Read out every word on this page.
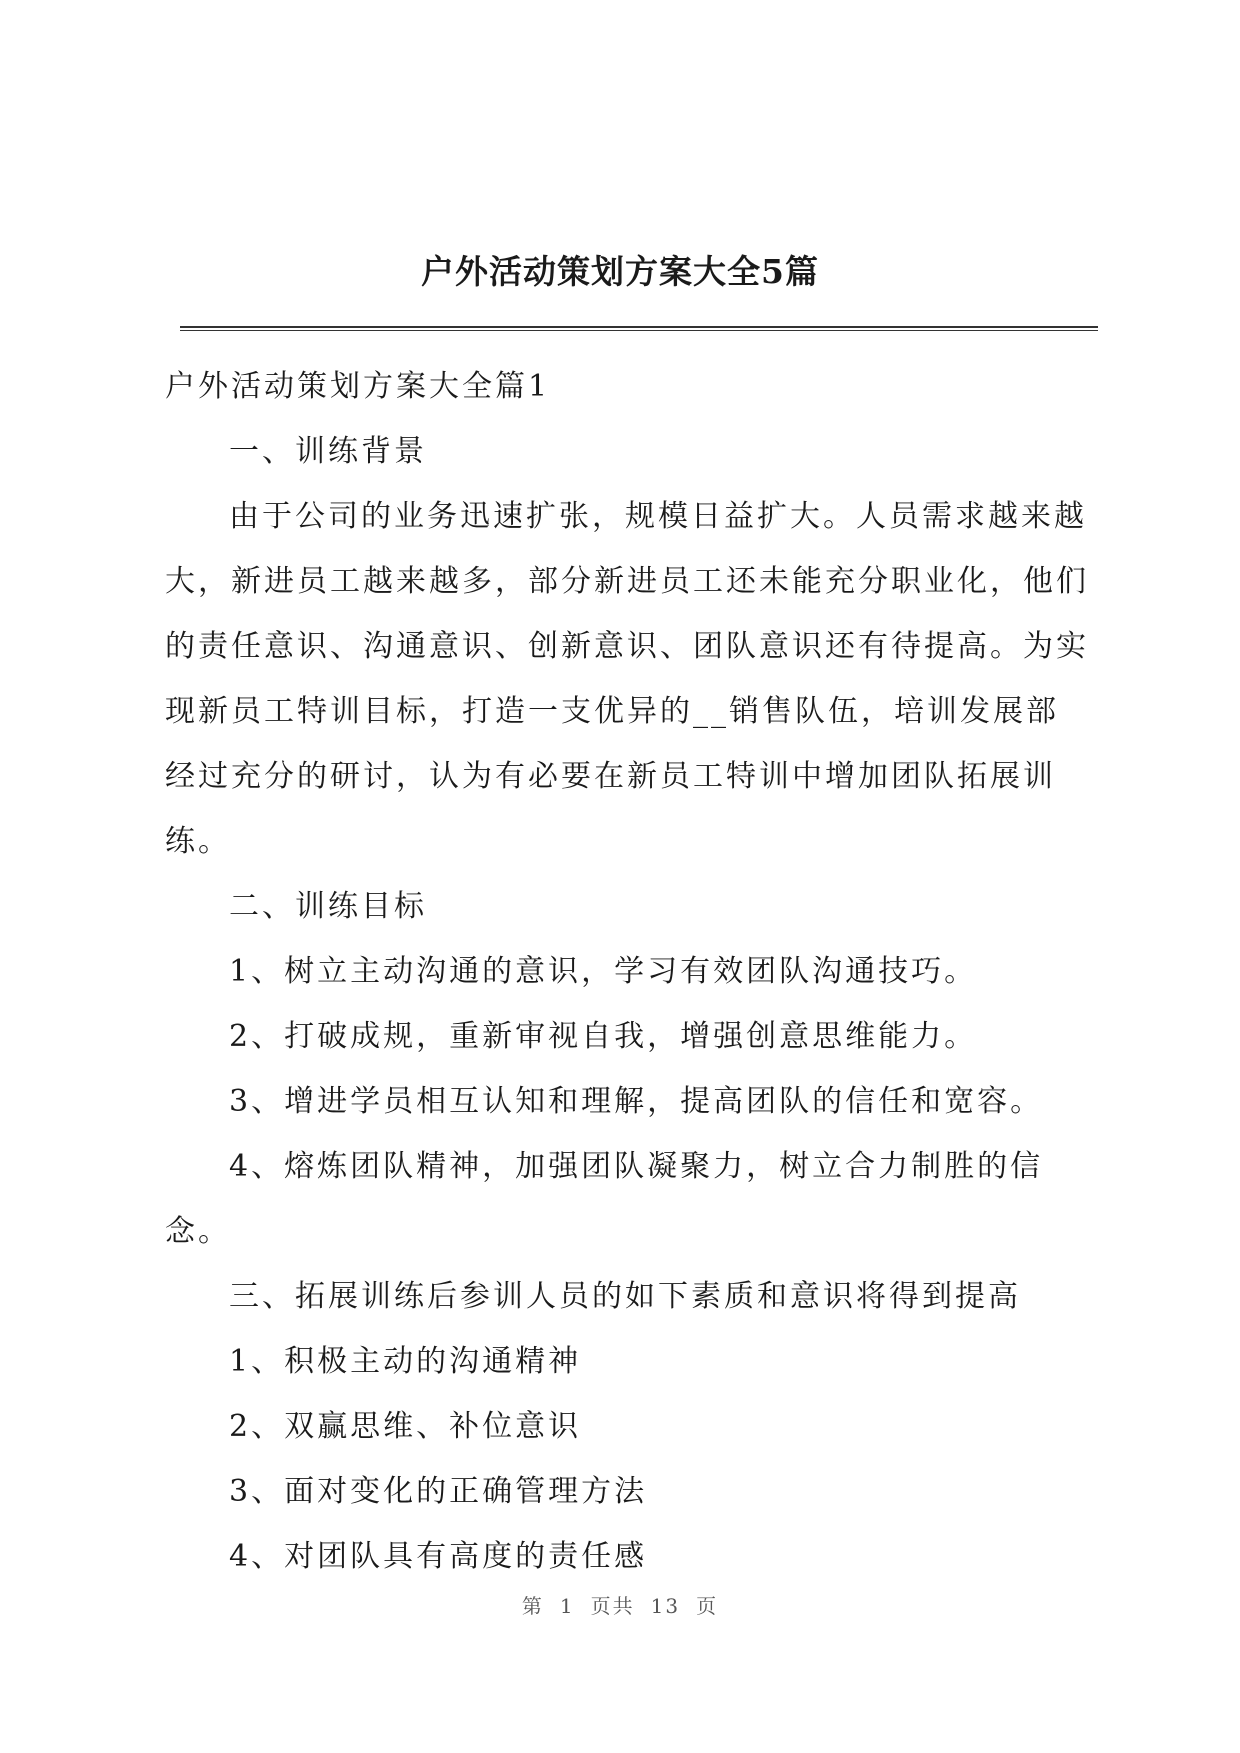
户外活动策划方案大全5篇

户外活动策划方案大全篇1

一、训练背景

由于公司的业务迅速扩张，规模日益扩大。人员需求越来越大，新进员工越来越多，部分新进员工还未能充分职业化，他们的责任意识、沟通意识、创新意识、团队意识还有待提高。为实现新员工特训目标，打造一支优异的__销售队伍，培训发展部经过充分的研讨，认为有必要在新员工特训中增加团队拓展训练。

二、训练目标

1、树立主动沟通的意识，学习有效团队沟通技巧。

2、打破成规，重新审视自我，增强创意思维能力。

3、增进学员相互认知和理解，提高团队的信任和宽容。

4、熔炼团队精神，加强团队凝聚力，树立合力制胜的信念。

三、拓展训练后参训人员的如下素质和意识将得到提高

1、积极主动的沟通精神

2、双赢思维、补位意识

3、面对变化的正确管理方法

4、对团队具有高度的责任感

第 1 页共 13 页
